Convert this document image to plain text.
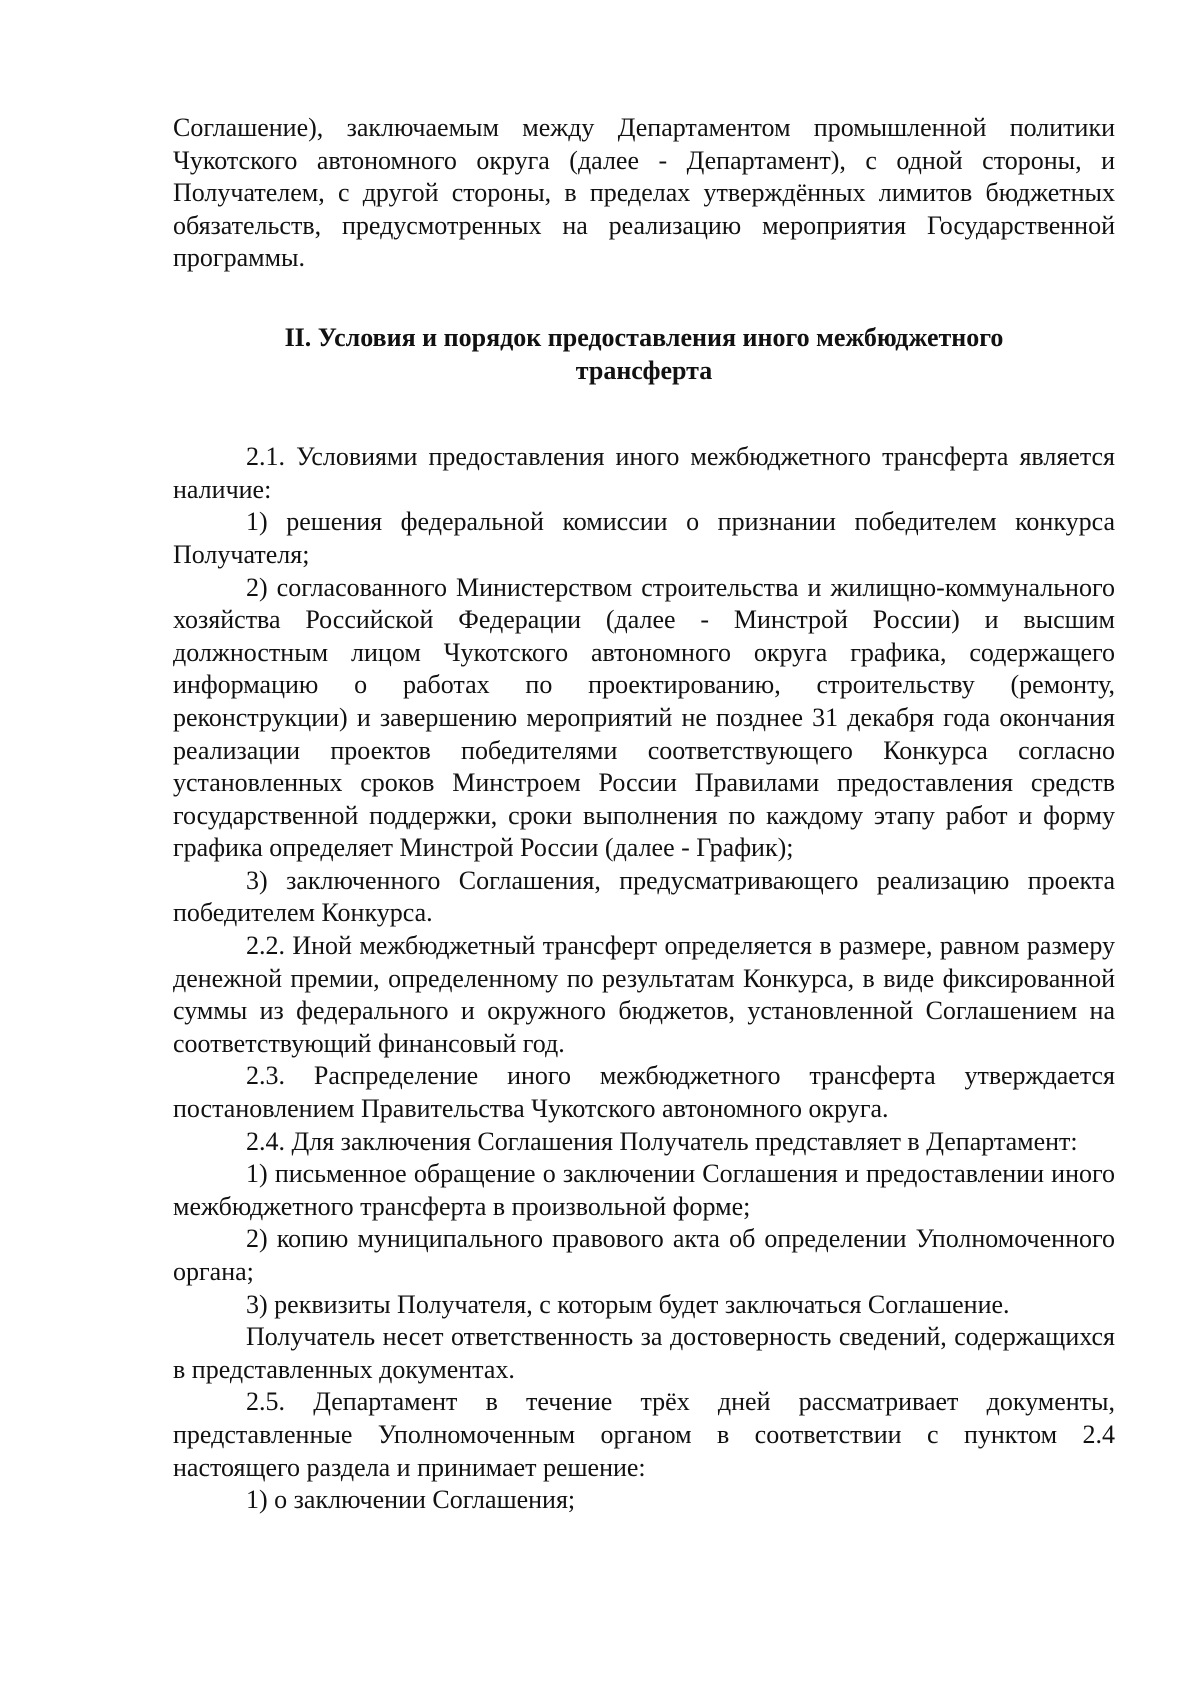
Соглашение), заключаемым между Департаментом промышленной политики Чукотского автономного округа (далее - Департамент), с одной стороны, и Получателем, с другой стороны, в пределах утверждённых лимитов бюджетных обязательств, предусмотренных на реализацию мероприятия Государственной программы.

II. Условия и порядок предоставления иного межбюджетного
трансферта

2.1. Условиями предоставления иного межбюджетного трансферта является наличие:

1) решения федеральной комиссии о признании победителем конкурса Получателя;

2) согласованного Министерством строительства и жилищно-коммунального хозяйства Российской Федерации (далее - Минстрой России) и высшим должностным лицом Чукотского автономного округа графика, содержащего информацию о работах по проектированию, строительству (ремонту, реконструкции) и завершению мероприятий не позднее 31 декабря года окончания реализации проектов победителями соответствующего Конкурса согласно установленных сроков Минстроем России Правилами предоставления средств государственной поддержки, сроки выполнения по каждому этапу работ и форму графика определяет Минстрой России (далее - График);

3) заключенного Соглашения, предусматривающего реализацию проекта победителем Конкурса.

2.2. Иной межбюджетный трансферт определяется в размере, равном размеру денежной премии, определенному по результатам Конкурса, в виде фиксированной суммы из федерального и окружного бюджетов, установленной Соглашением на соответствующий финансовый год.

2.3. Распределение иного межбюджетного трансферта утверждается постановлением Правительства Чукотского автономного округа.

2.4. Для заключения Соглашения Получатель представляет в Департамент:

1) письменное обращение о заключении Соглашения и предоставлении иного межбюджетного трансферта в произвольной форме;

2) копию муниципального правового акта об определении Уполномоченного органа;

3) реквизиты Получателя, с которым будет заключаться Соглашение.

Получатель несет ответственность за достоверность сведений, содержащихся в представленных документах.

2.5. Департамент в течение трёх дней рассматривает документы, представленные Уполномоченным органом в соответствии с пунктом 2.4 настоящего раздела и принимает решение:

1) о заключении Соглашения;
